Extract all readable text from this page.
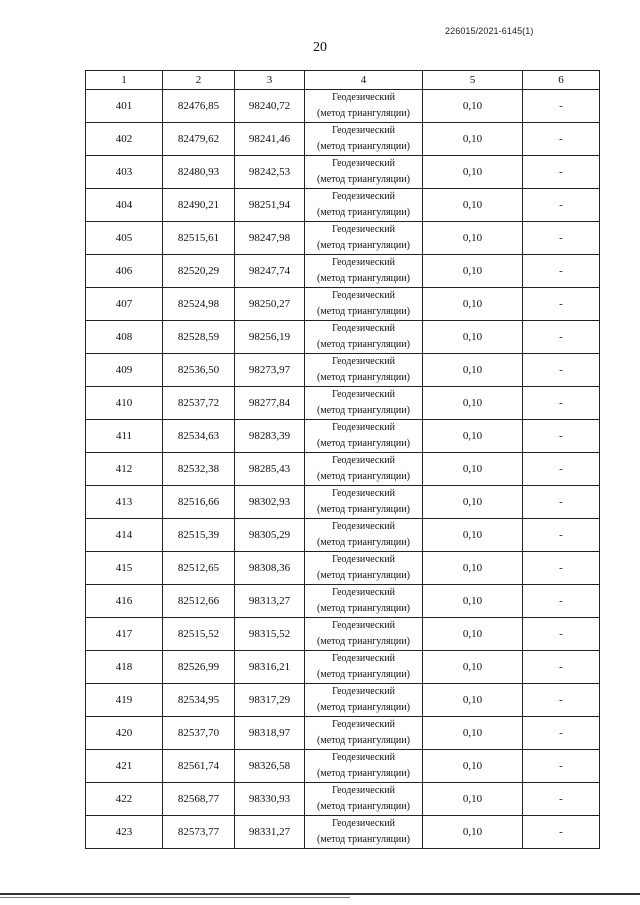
226015/2021-6145(1)
20
1	2	3	4	5	6
401	82476,85	98240,72	Геодезический
(метод триангуляции)	0,10	-
402	82479,62	98241,46	Геодезический
(метод триангуляции)	0,10	-
403	82480,93	98242,53	Геодезический
(метод триангуляции)	0,10	-
404	82490,21	98251,94	Геодезический
(метод триангуляции)	0,10	-
405	82515,61	98247,98	Геодезический
(метод триангуляции)	0,10	-
406	82520,29	98247,74	Геодезический
(метод триангуляции)	0,10	-
407	82524,98	98250,27	Геодезический
(метод триангуляции)	0,10	-
408	82528,59	98256,19	Геодезический
(метод триангуляции)	0,10	-
409	82536,50	98273,97	Геодезический
(метод триангуляции)	0,10	-
410	82537,72	98277,84	Геодезический
(метод триангуляции)	0,10	-
411	82534,63	98283,39	Геодезический
(метод триангуляции)	0,10	-
412	82532,38	98285,43	Геодезический
(метод триангуляции)	0,10	-
413	82516,66	98302,93	Геодезический
(метод триангуляции)	0,10	-
414	82515,39	98305,29	Геодезический
(метод триангуляции)	0,10	-
415	82512,65	98308,36	Геодезический
(метод триангуляции)	0,10	-
416	82512,66	98313,27	Геодезический
(метод триангуляции)	0,10	-
417	82515,52	98315,52	Геодезический
(метод триангуляции)	0,10	-
418	82526,99	98316,21	Геодезический
(метод триангуляции)	0,10	-
419	82534,95	98317,29	Геодезический
(метод триангуляции)	0,10	-
420	82537,70	98318,97	Геодезический
(метод триангуляции)	0,10	-
421	82561,74	98326,58	Геодезический
(метод триангуляции)	0,10	-
422	82568,77	98330,93	Геодезический
(метод триангуляции)	0,10	-
423	82573,77	98331,27	Геодезический
(метод триангуляции)	0,10	-
